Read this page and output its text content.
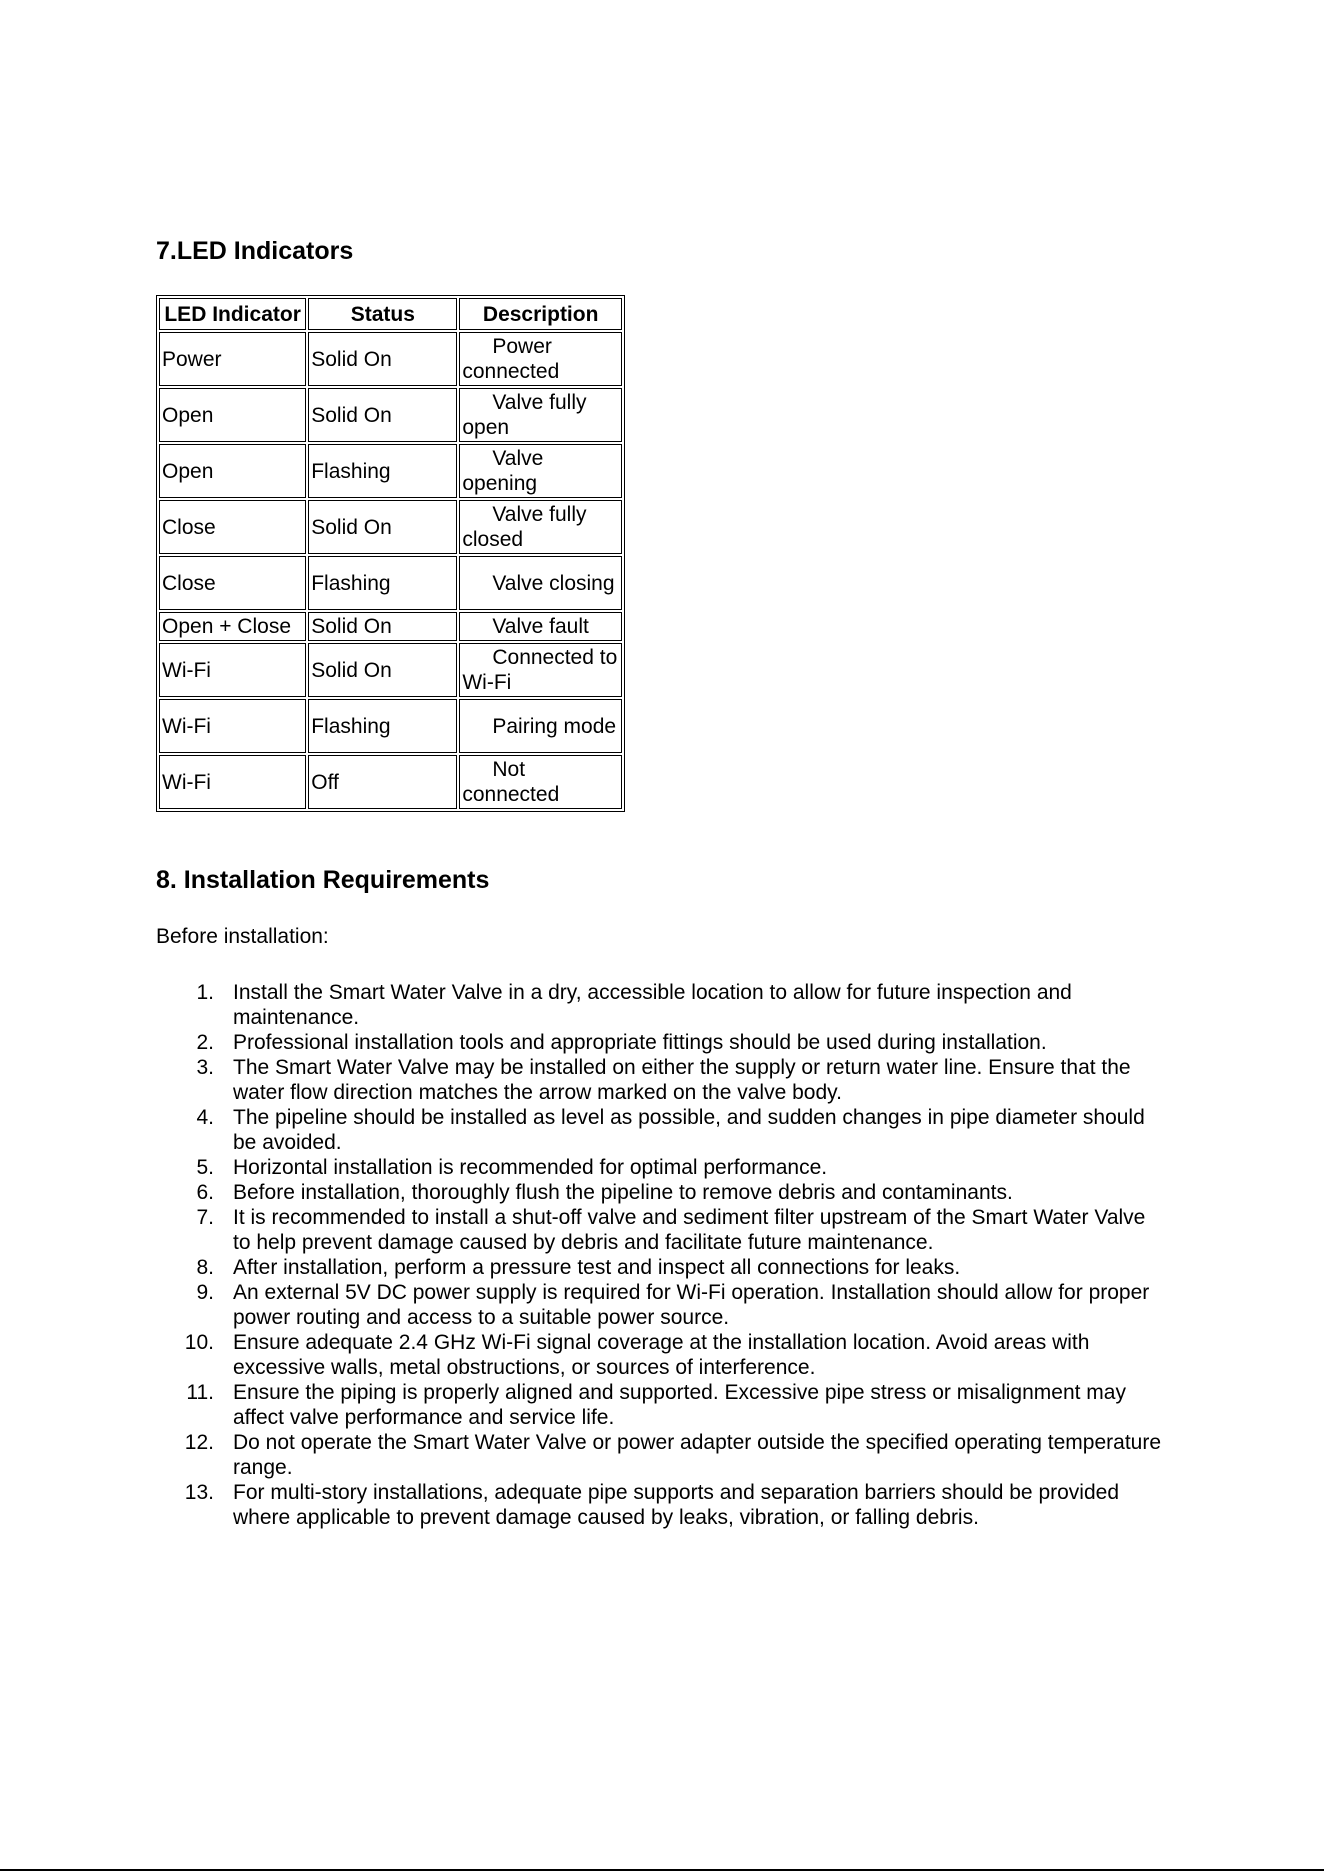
7.LED Indicators
LED Indicator	Status	Description
Power	Solid On	Power connected

Open	Solid On	Valve fully open

Open	Flashing	Valve opening

Close	Solid On	Valve fully closed

Close	Flashing	Valve closing

Open + Close	Solid On	Valve fault

Wi-Fi	Solid On	Connected to Wi-Fi

Wi-Fi	Flashing	Pairing mode

Wi-Fi	Off	Not connected
8. Installation Requirements

Before installation:

1. Install the Smart Water Valve in a dry, accessible location to allow for future inspection and maintenance.
2. Professional installation tools and appropriate fittings should be used during installation.
3. The Smart Water Valve may be installed on either the supply or return water line. Ensure that the water flow direction matches the arrow marked on the valve body.
4. The pipeline should be installed as level as possible, and sudden changes in pipe diameter should be avoided.
5. Horizontal installation is recommended for optimal performance.
6. Before installation, thoroughly flush the pipeline to remove debris and contaminants.
7. It is recommended to install a shut-off valve and sediment filter upstream of the Smart Water Valve to help prevent damage caused by debris and facilitate future maintenance.
8. After installation, perform a pressure test and inspect all connections for leaks.
9. An external 5V DC power supply is required for Wi-Fi operation. Installation should allow for proper power routing and access to a suitable power source.
10. Ensure adequate 2.4 GHz Wi-Fi signal coverage at the installation location. Avoid areas with excessive walls, metal obstructions, or sources of interference.
11. Ensure the piping is properly aligned and supported. Excessive pipe stress or misalignment may affect valve performance and service life.
12. Do not operate the Smart Water Valve or power adapter outside the specified operating temperature range.
13. For multi-story installations, adequate pipe supports and separation barriers should be provided where applicable to prevent damage caused by leaks, vibration, or falling debris.
